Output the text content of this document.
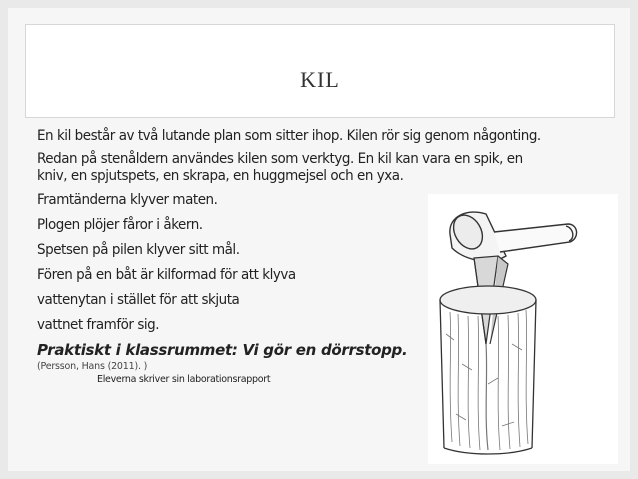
KIL
En kil består av två lutande plan som sitter ihop. Kilen rör sig genom någonting.
Redan på stenåldern användes kilen som verktyg. En kil kan vara en spik, en
kniv, en spjutspets, en skrapa, en huggmejsel och en yxa.
Framtänderna klyver maten.
Plogen plöjer fåror i åkern.
Spetsen på pilen klyver sitt mål.
Fören på en båt är kilformad för att klyva
vattenytan i stället för att skjuta
vattnet framför sig.
Praktiskt i klassrummet: Vi gör en dörrstopp.
(Persson, Hans (2011). )
Eleverna skriver sin laborationsrapport
